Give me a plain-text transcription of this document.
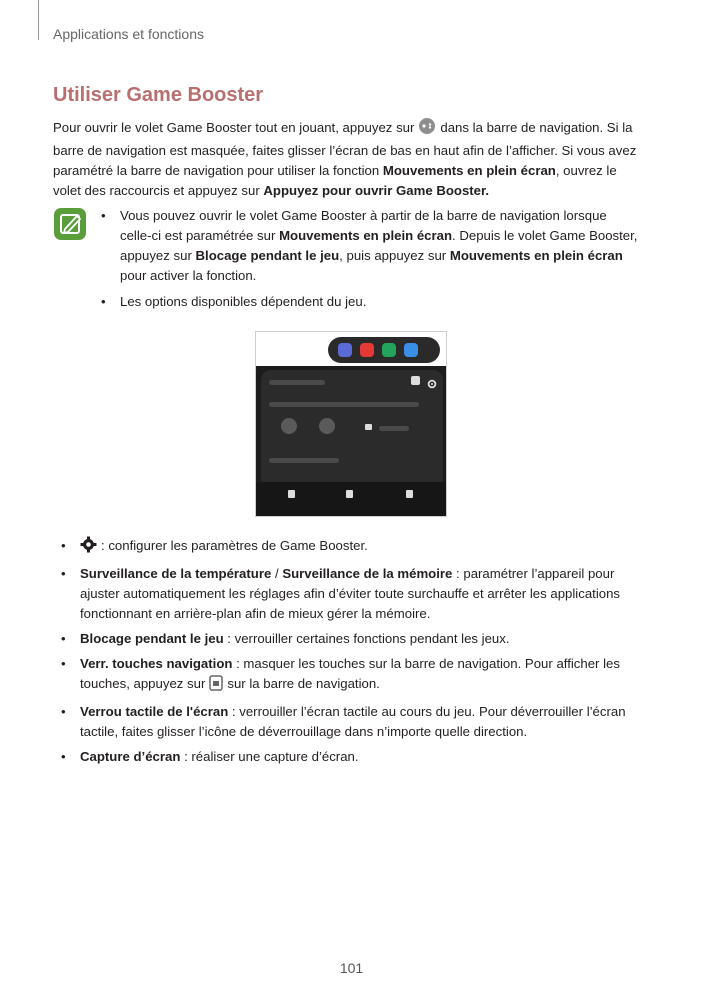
Applications et fonctions
Utiliser Game Booster
Pour ouvrir le volet Game Booster tout en jouant, appuyez sur dans la barre de navigation. Si la
barre de navigation est masquée, faites glisser l’écran de bas en haut afin de l’afficher. Si vous avez
paramétré la barre de navigation pour utiliser la fonction Mouvements en plein écran, ouvrez le
volet des raccourcis et appuyez sur Appuyez pour ouvrir Game Booster.
• Vous pouvez ouvrir le volet Game Booster à partir de la barre de navigation lorsque
celle-ci est paramétrée sur Mouvements en plein écran. Depuis le volet Game Booster,
appuyez sur Blocage pendant le jeu, puis appuyez sur Mouvements en plein écran
pour activer la fonction.
• Les options disponibles dépendent du jeu.
•	: configurer les paramètres de Game Booster.
• Surveillance de la température / Surveillance de la mémoire : paramétrer l’appareil pour
ajuster automatiquement les réglages afin d’éviter toute surchauffe et arrêter les applications
fonctionnant en arrière-plan afin de mieux gérer la mémoire.
• Blocage pendant le jeu : verrouiller certaines fonctions pendant les jeux.
• Verr. touches navigation : masquer les touches sur la barre de navigation. Pour afficher les
touches, appuyez sur sur la barre de navigation.
• Verrou tactile de l'écran : verrouiller l’écran tactile au cours du jeu. Pour déverrouiller l’écran
tactile, faites glisser l’icône de déverrouillage dans n’importe quelle direction.
• Capture d’écran : réaliser une capture d’écran.
101
